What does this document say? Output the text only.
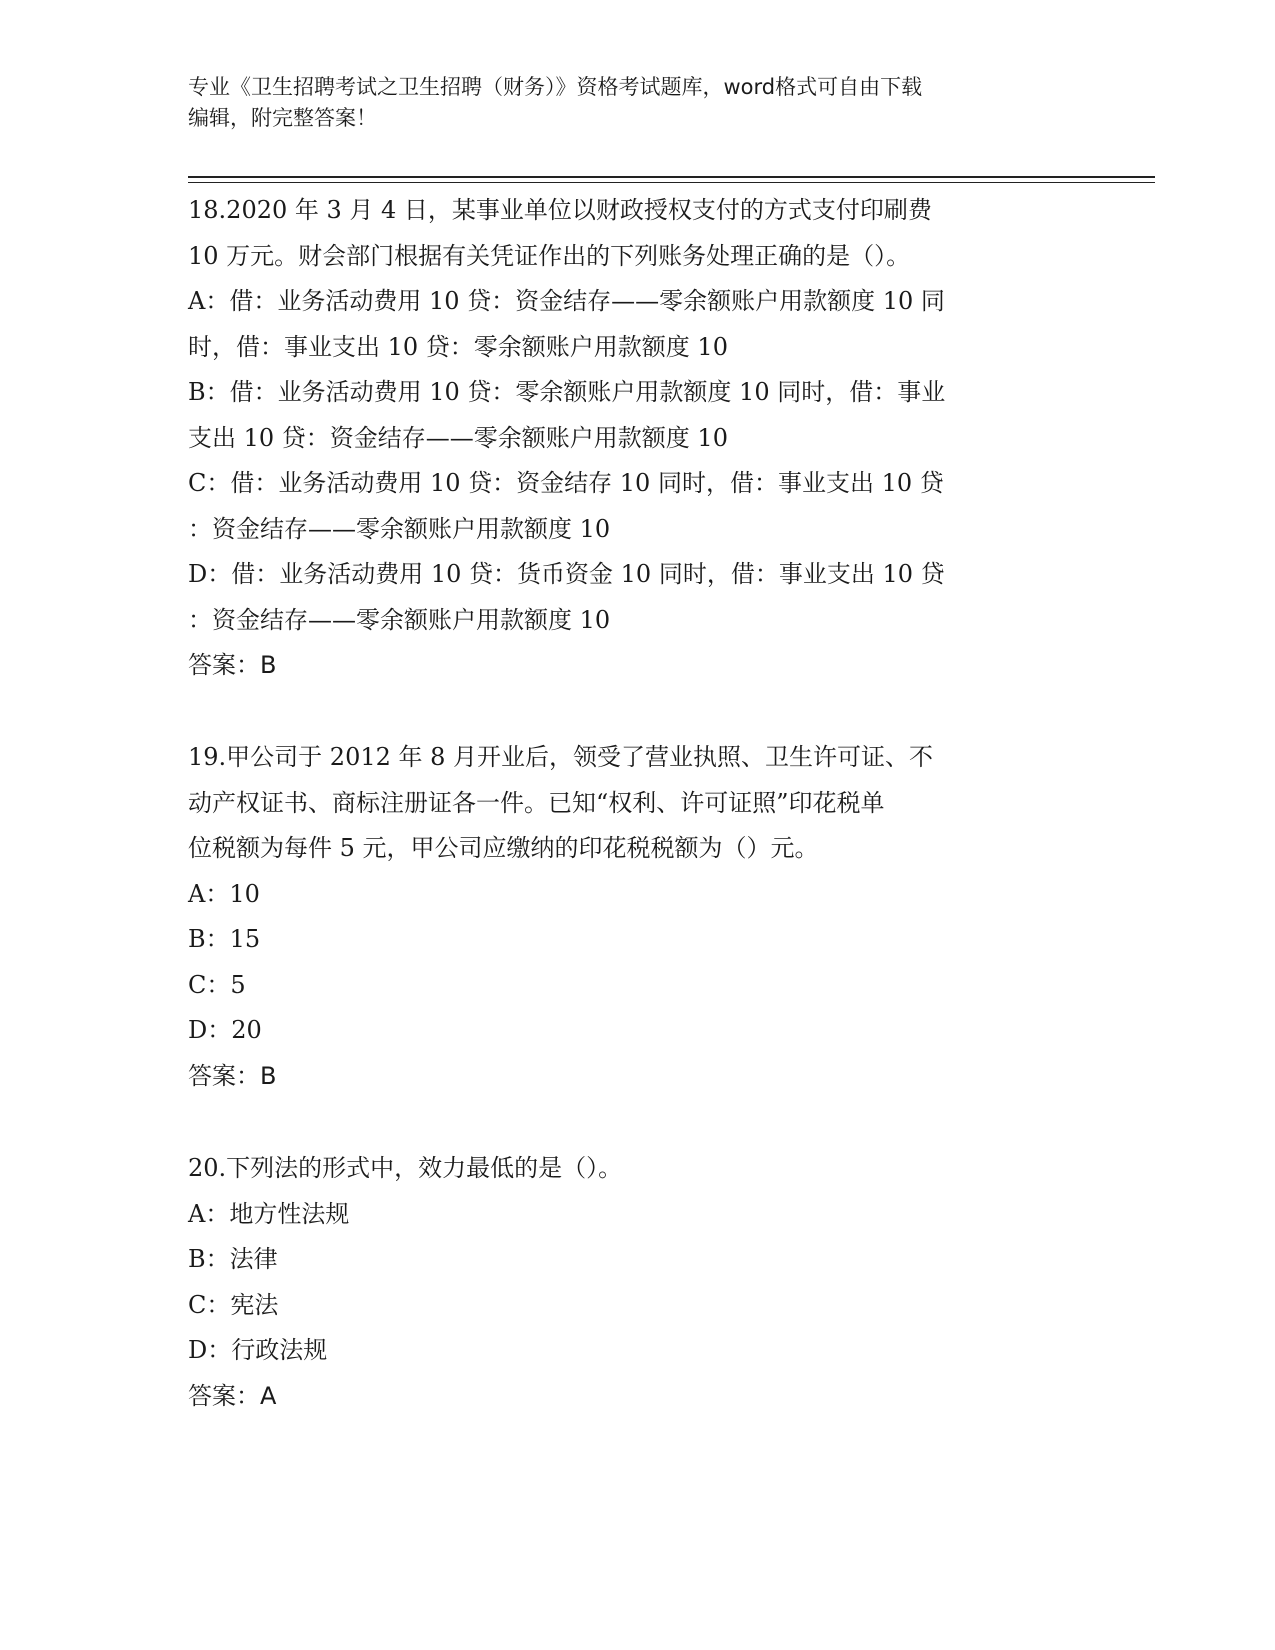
专业《卫生招聘考试之卫生招聘（财务）》资格考试题库，word格式可自由下载
编辑，附完整答案！
18.2020 年 3 月 4 日，某事业单位以财政授权支付的方式支付印刷费
10 万元。财会部门根据有关凭证作出的下列账务处理正确的是（）。
A：借：业务活动费用 10 贷：资金结存——零余额账户用款额度 10 同
时，借：事业支出 10 贷：零余额账户用款额度 10
B：借：业务活动费用 10 贷：零余额账户用款额度 10 同时，借：事业
支出 10 贷：资金结存——零余额账户用款额度 10
C：借：业务活动费用 10 贷：资金结存 10 同时，借：事业支出 10 贷
：资金结存——零余额账户用款额度 10
D：借：业务活动费用 10 贷：货币资金 10 同时，借：事业支出 10 贷
：资金结存——零余额账户用款额度 10
答案：B
19.甲公司于 2012 年 8 月开业后，领受了营业执照、卫生许可证、不
动产权证书、商标注册证各一件。已知“权利、许可证照”印花税单
位税额为每件 5 元，甲公司应缴纳的印花税税额为（）元。
A：10
B：15
C：5
D：20
答案：B
20.下列法的形式中，效力最低的是（）。
A：地方性法规
B：法律
C：宪法
D：行政法规
答案：A
